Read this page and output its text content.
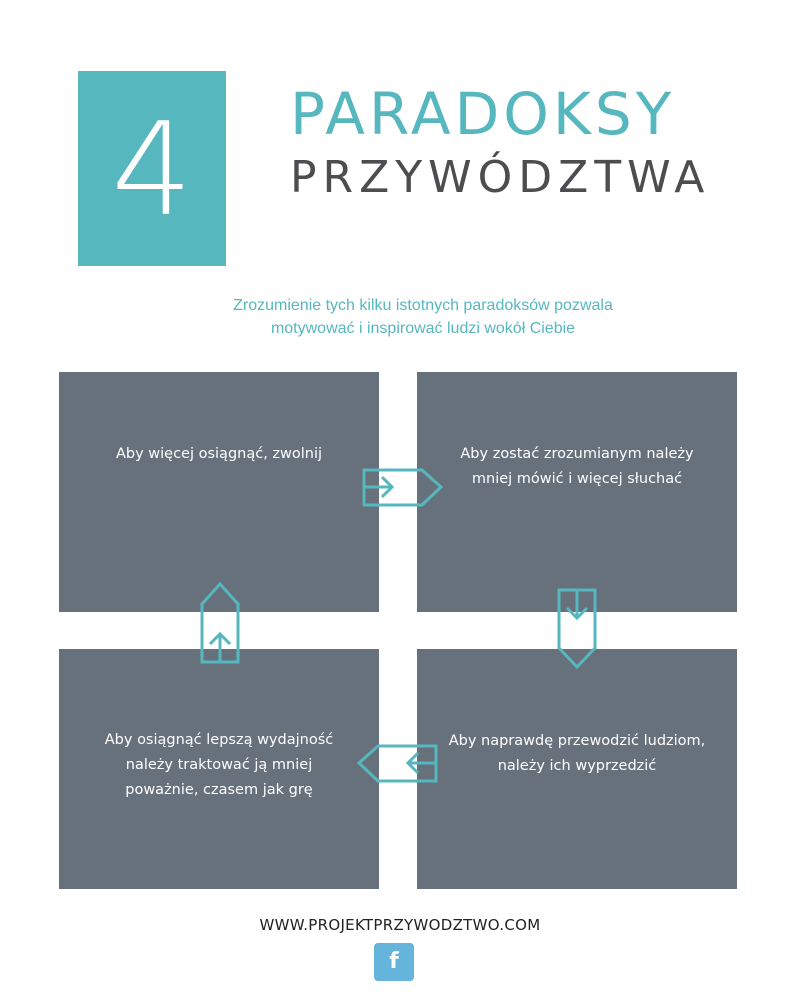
4	PARADOKSY
PRZYWÓDZTWA
Zrozumienie tych kilku istotnych paradoksów pozwala motywować i inspirować ludzi wokół Ciebie
Aby więcej osiągnąć, zwolnij	Aby zostać zrozumianym należy mniej mówić i więcej słuchać
Aby osiągnąć lepszą wydajność należy traktować ją mniej poważnie, czasem jak grę
Aby naprawdę przewodzić ludziom, należy ich wyprzedzić
WWW.PROJEKTPRZYWODZTWO.COM
f
